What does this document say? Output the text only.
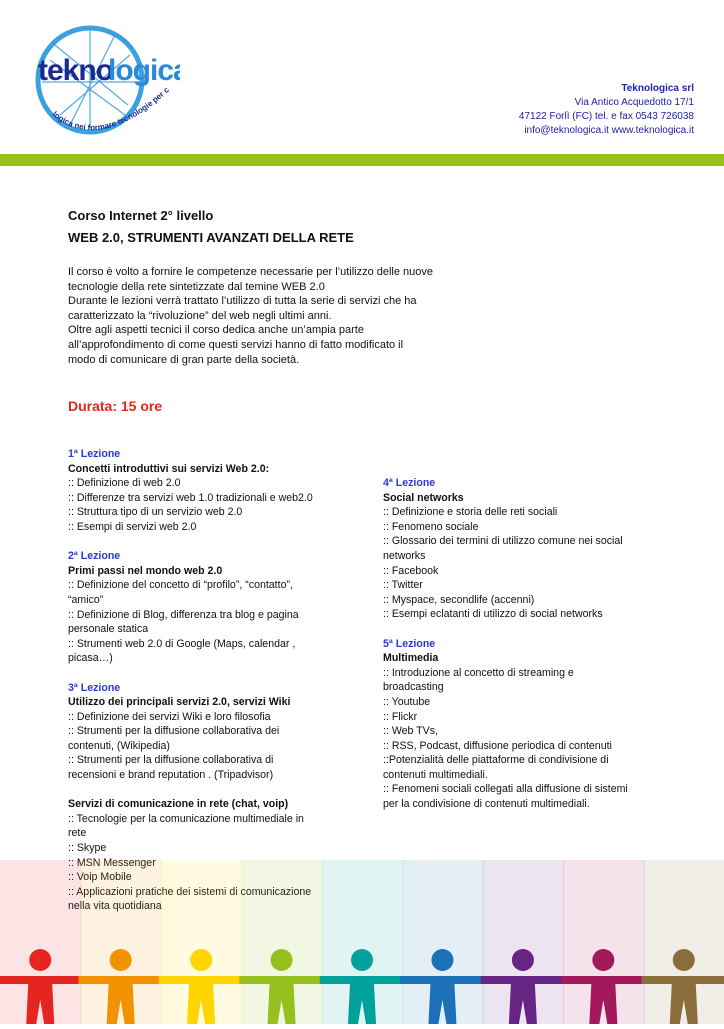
tekno
logic
logica nei formare tecnologie per c	Teknologica srl
Via Antico Acquedotto 17/1
47122 Forlì (FC) tel. e fax 0543 726038
info@teknologica.it www.teknologica.it
Corso Internet 2° livello
WEB 2.0, STRUMENTI AVANZATI DELLA RETE

Il corso è volto a fornire le competenze necessarie per l’utilizzo delle nuove

tecnologie della rete sintetizzate dal temine WEB 2.0

Durante le lezioni verrà trattato l’utilizzo di tutta la serie di servizi che ha

caratterizzato la “rivoluzione” del web negli ultimi anni.

Oltre agli aspetti tecnici il corso dedica anche un’ampia parte

all’approfondimento di come questi servizi hanno di fatto modificato il

modo di comunicare di gran parte della società.

Durata: 15 ore

1ª Lezione

Concetti introduttivi sui servizi Web 2.0:

:: Definizione di web 2.0

:: Differenze tra servizi web 1.0 tradizionali e web2.0

:: Struttura tipo di un servizio web 2.0

:: Esempi di servizi web 2.0

2ª Lezione

Primi passi nel mondo web 2.0

:: Definizione del concetto di “profilo”, “contatto”,

“amico”

:: Definizione di Blog, differenza tra blog e pagina

personale statica

:: Strumenti web 2.0 di Google (Maps, calendar ,

picasa…)

3ª Lezione

Utilizzo dei principali servizi 2.0, servizi Wiki

:: Definizione dei servizi Wiki e loro filosofia

:: Strumenti per la diffusione collaborativa dei

contenuti, (Wikipedia)

:: Strumenti per la diffusione collaborativa di

recensioni e brand reputation . (Tripadvisor)

Servizi di comunicazione in rete (chat, voip)

:: Tecnologie per la comunicazione multimediale in

rete

:: Skype

:: MSN Messenger

:: Voip Mobile

:: Applicazioni pratiche dei sistemi di comunicazione

nella vita quotidiana

4ª Lezione

Social networks

:: Definizione e storia delle reti sociali

:: Fenomeno sociale

:: Glossario dei termini di utilizzo comune nei social

networks

:: Facebook

:: Twitter

:: Myspace, secondlife (accenni)

:: Esempi eclatanti di utilizzo di social networks

5ª Lezione

Multimedia

:: Introduzione al concetto di streaming e

broadcasting

:: Youtube

:: Flickr

:: Web TVs,

:: RSS, Podcast, diffusione periodica di contenuti

::Potenzialità delle piattaforme di condivisione di

contenuti multimediali.

:: Fenomeni sociali collegati alla diffusione di sistemi

per la condivisione di contenuti multimediali.
